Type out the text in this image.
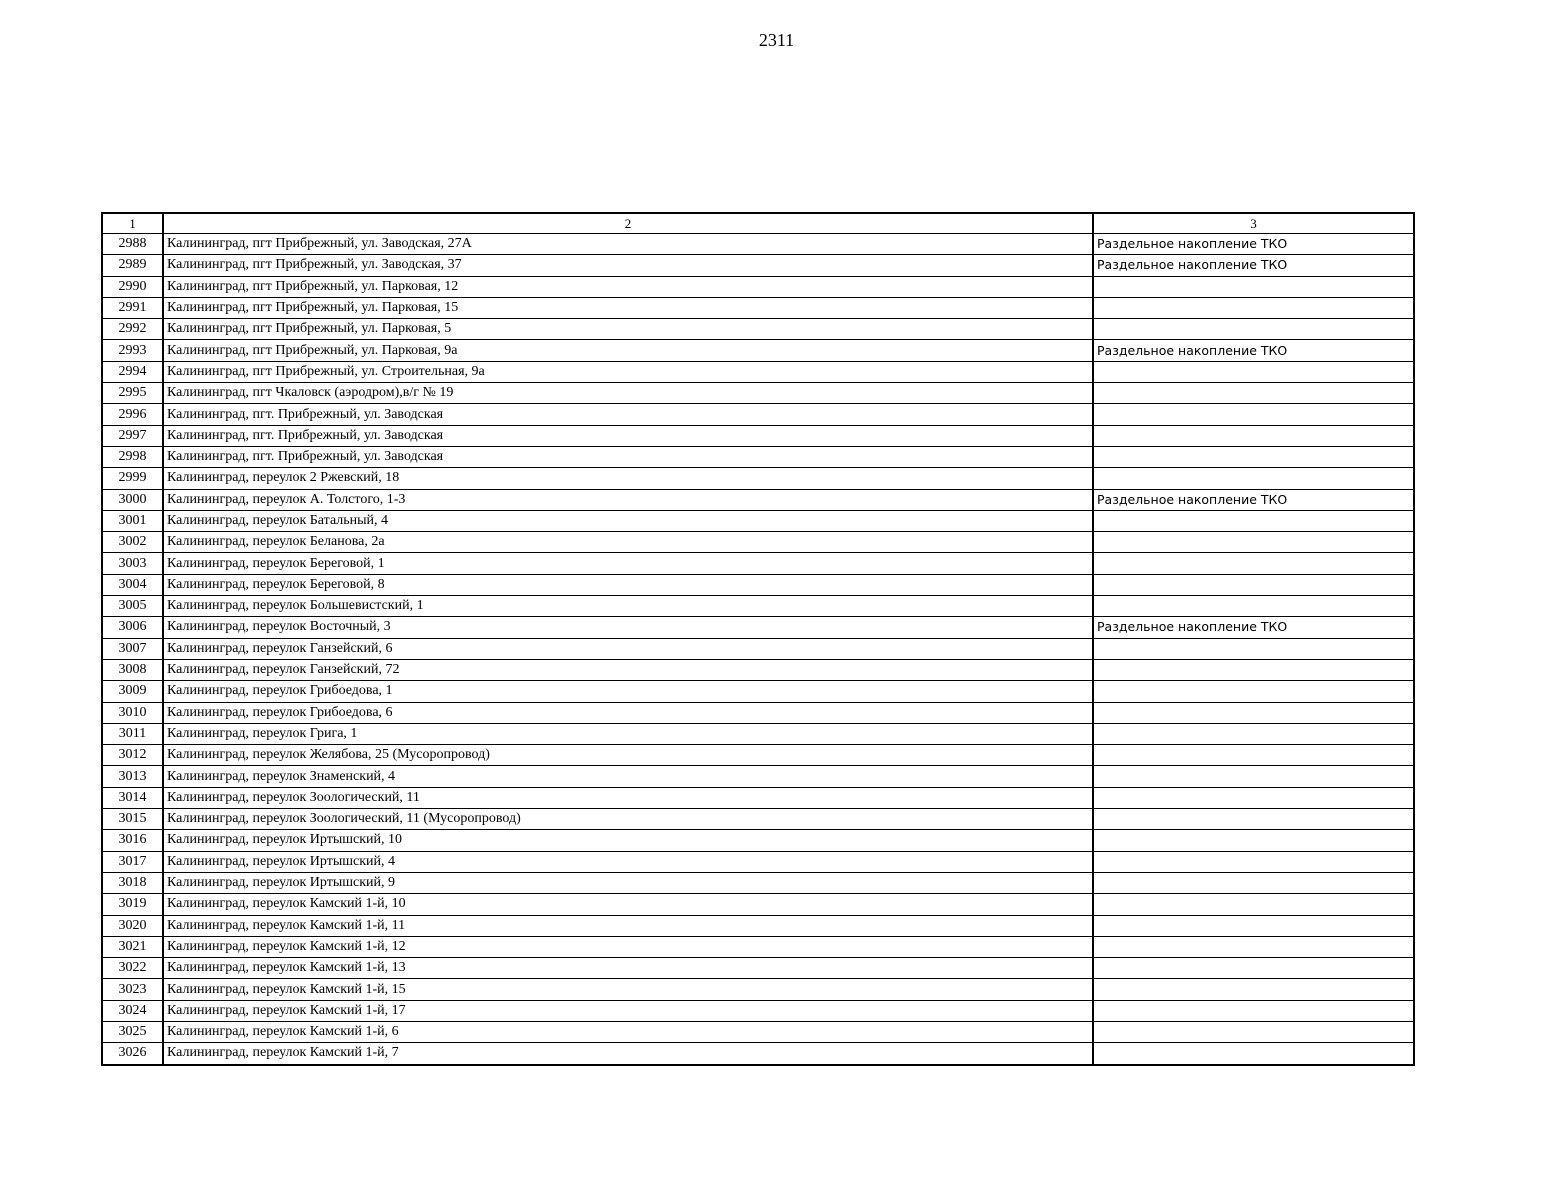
2311
1	2	3
2988	Калининград, пгт Прибрежный, ул. Заводская, 27А	Раздельное накопление ТКО
2989	Калининград, пгт Прибрежный, ул. Заводская, 37	Раздельное накопление ТКО
2990	Калининград, пгт Прибрежный, ул. Парковая, 12	
2991	Калининград, пгт Прибрежный, ул. Парковая, 15	
2992	Калининград, пгт Прибрежный, ул. Парковая, 5	
2993	Калининград, пгт Прибрежный, ул. Парковая, 9а	Раздельное накопление ТКО
2994	Калининград, пгт Прибрежный, ул. Строительная, 9а	
2995	Калининград, пгт Чкаловск (аэродром),в/г № 19	
2996	Калининград, пгт. Прибрежный, ул. Заводская	
2997	Калининград, пгт. Прибрежный, ул. Заводская	
2998	Калининград, пгт. Прибрежный, ул. Заводская	
2999	Калининград, переулок 2 Ржевский, 18	
3000	Калининград, переулок А. Толстого, 1-3	Раздельное накопление ТКО
3001	Калининград, переулок Батальный, 4	
3002	Калининград, переулок Беланова, 2а	
3003	Калининград, переулок Береговой, 1	
3004	Калининград, переулок Береговой, 8	
3005	Калининград, переулок Большевистский, 1	
3006	Калининград, переулок Восточный, 3	Раздельное накопление ТКО
3007	Калининград, переулок Ганзейский, 6	
3008	Калининград, переулок Ганзейский, 72	
3009	Калининград, переулок Грибоедова, 1	
3010	Калининград, переулок Грибоедова, 6	
3011	Калининград, переулок Грига, 1	
3012	Калининград, переулок Желябова, 25 (Мусоропровод)	
3013	Калининград, переулок Знаменский, 4	
3014	Калининград, переулок Зоологический, 11	
3015	Калининград, переулок Зоологический, 11 (Мусоропровод)	
3016	Калининград, переулок Иртышский, 10	
3017	Калининград, переулок Иртышский, 4	
3018	Калининград, переулок Иртышский, 9	
3019	Калининград, переулок Камский 1-й, 10	
3020	Калининград, переулок Камский 1-й, 11	
3021	Калининград, переулок Камский 1-й, 12	
3022	Калининград, переулок Камский 1-й, 13	
3023	Калининград, переулок Камский 1-й, 15	
3024	Калининград, переулок Камский 1-й, 17	
3025	Калининград, переулок Камский 1-й, 6	
3026	Калининград, переулок Камский 1-й, 7	
